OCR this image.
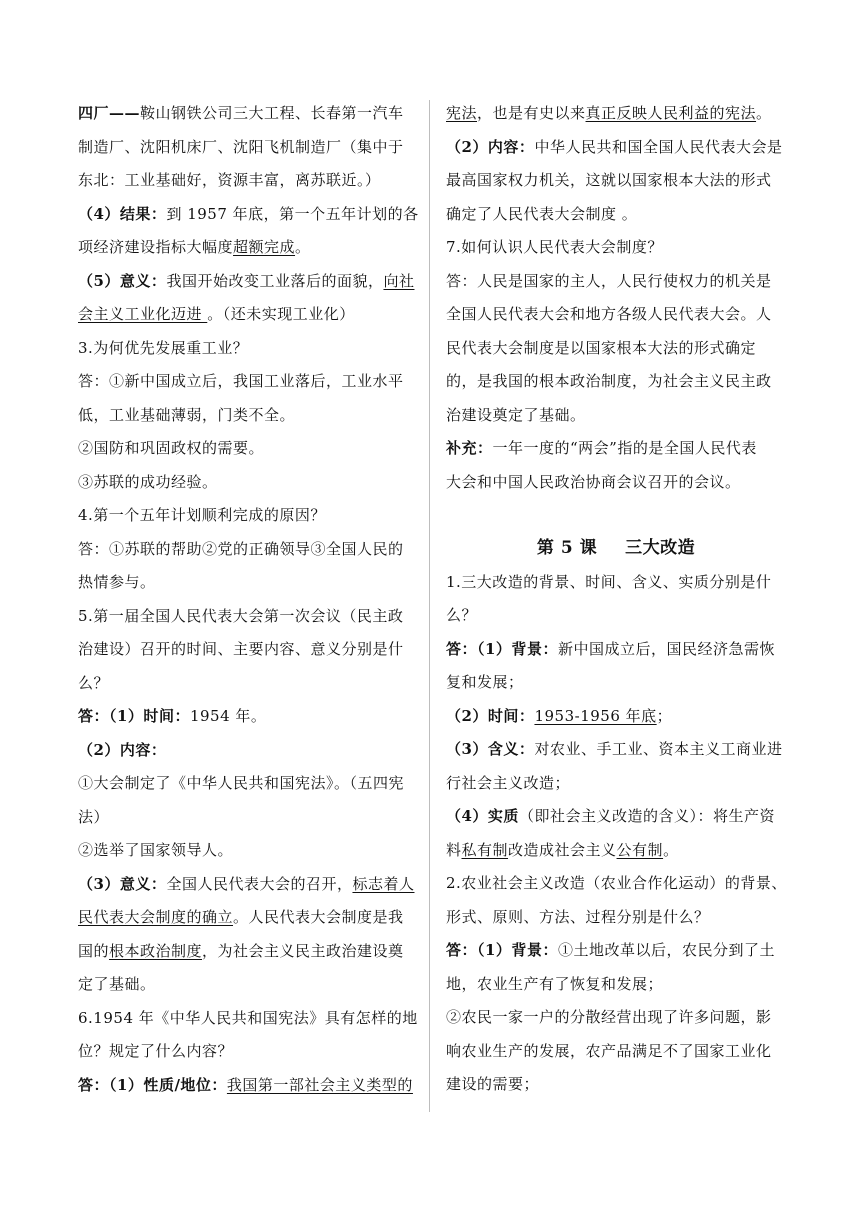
四厂——鞍山钢铁公司三大工程、长春第一汽车
制造厂、沈阳机床厂、沈阳飞机制造厂（集中于
东北：工业基础好，资源丰富，离苏联近。）
（4）结果：到 1957 年底，第一个五年计划的各
项经济建设指标大幅度超额完成。
（5）意义：我国开始改变工业落后的面貌，向社
会主义工业化迈进 。（还未实现工业化）
3.为何优先发展重工业？
答：①新中国成立后，我国工业落后，工业水平
低，工业基础薄弱，门类不全。
②国防和巩固政权的需要。
③苏联的成功经验。
4.第一个五年计划顺利完成的原因？
答：①苏联的帮助②党的正确领导③全国人民的
热情参与。
5.第一届全国人民代表大会第一次会议（民主政
治建设）召开的时间、主要内容、意义分别是什
么？
答：（1）时间：1954 年。
（2）内容：
①大会制定了《中华人民共和国宪法》。（五四宪
法）
②选举了国家领导人。
（3）意义：全国人民代表大会的召开，标志着人
民代表大会制度的确立。人民代表大会制度是我
国的根本政治制度，为社会主义民主政治建设奠
定了基础。
6.1954 年《中华人民共和国宪法》具有怎样的地
位？规定了什么内容？
答：（1）性质/地位：我国第一部社会主义类型的
宪法，也是有史以来真正反映人民利益的宪法。
（2）内容：中华人民共和国全国人民代表大会是
最高国家权力机关，这就以国家根本大法的形式
确定了人民代表大会制度 。
7.如何认识人民代表大会制度？
答：人民是国家的主人，人民行使权力的机关是
全国人民代表大会和地方各级人民代表大会。人
民代表大会制度是以国家根本大法的形式确定
的，是我国的根本政治制度，为社会主义民主政
治建设奠定了基础。
补充：一年一度的“两会”指的是全国人民代表
大会和中国人民政治协商会议召开的会议。
第 5 课 三大改造
1.三大改造的背景、时间、含义、实质分别是什
么？
答：（1）背景：新中国成立后，国民经济急需恢
复和发展；
（2）时间：1953-1956 年底；
（3）含义：对农业、手工业、资本主义工商业进
行社会主义改造；
（4）实质（即社会主义改造的含义）：将生产资
料私有制改造成社会主义公有制。
2.农业社会主义改造（农业合作化运动）的背景、
形式、原则、方法、过程分别是什么？
答：（1）背景：①土地改革以后，农民分到了土
地，农业生产有了恢复和发展；
②农民一家一户的分散经营出现了许多问题，影
响农业生产的发展，农产品满足不了国家工业化
建设的需要；
